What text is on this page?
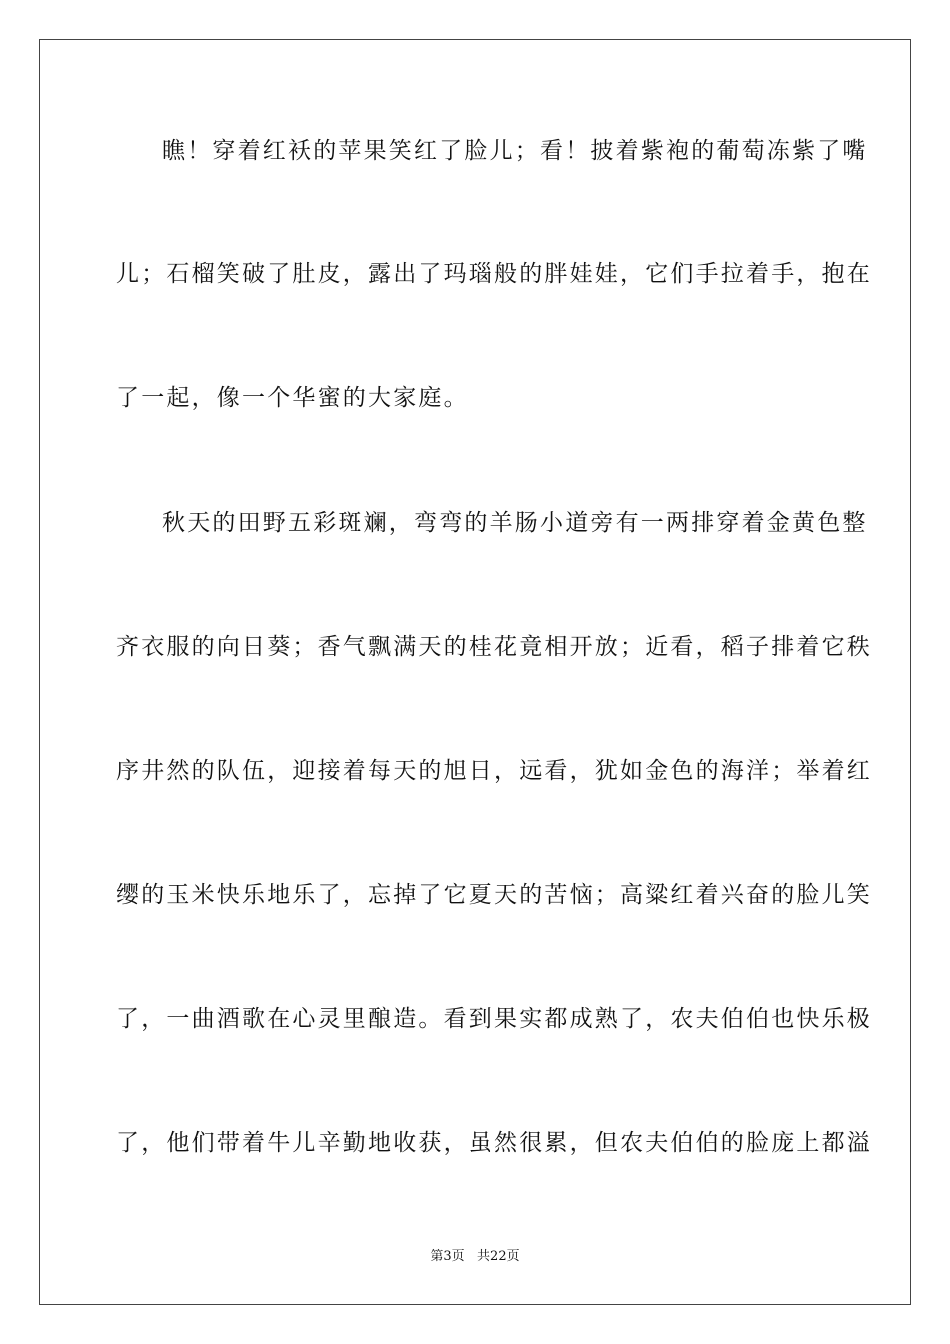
瞧！穿着红袄的苹果笑红了脸儿；看！披着紫袍的葡萄冻紫了嘴
儿；石榴笑破了肚皮，露出了玛瑙般的胖娃娃，它们手拉着手，抱在
了一起，像一个华蜜的大家庭。
秋天的田野五彩斑斓，弯弯的羊肠小道旁有一两排穿着金黄色整
齐衣服的向日葵；香气飘满天的桂花竟相开放；近看，稻子排着它秩
序井然的队伍，迎接着每天的旭日，远看，犹如金色的海洋；举着红
缨的玉米快乐地乐了，忘掉了它夏天的苦恼；高粱红着兴奋的脸儿笑
了，一曲酒歌在心灵里酿造。看到果实都成熟了，农夫伯伯也快乐极
了，他们带着牛儿辛勤地收获，虽然很累，但农夫伯伯的脸庞上都溢
第3页   共22页
